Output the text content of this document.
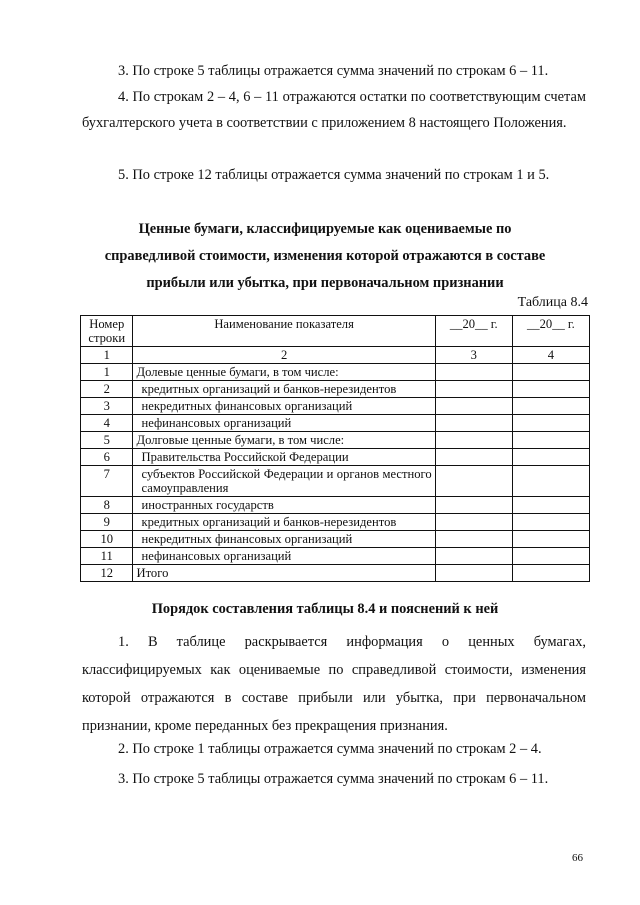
3. По строке 5 таблицы отражается сумма значений по строкам 6 – 11.

4. По строкам 2 – 4, 6 – 11 отражаются остатки по соответствующим счетам бухгалтерского учета в соответствии с приложением 8 настоящего Положения.

5. По строке 12 таблицы отражается сумма значений по строкам 1 и 5.

Ценные бумаги, классифицируемые как оцениваемые по

справедливой стоимости, изменения которой отражаются в составе

прибыли или убытка, при первоначальном признании

Таблица 8.4

Номер строки	Наименование показателя	__20__ г.	__20__ г.
1	2	3	4
1	Долевые ценные бумаги, в том числе:		
2	кредитных организаций и банков-нерезидентов		
3	некредитных финансовых организаций		
4	нефинансовых организаций		
5	Долговые ценные бумаги, в том числе:		
6	Правительства Российской Федерации		
7	субъектов Российской Федерации и органов местного самоуправления		
8	иностранных государств		
9	кредитных организаций и банков-нерезидентов		
10	некредитных финансовых организаций		
11	нефинансовых организаций		
12	Итого		

Порядок составления таблицы 8.4 и пояснений к ней

1. В таблице раскрывается информация о ценных бумагах, классифицируемых как оцениваемые по справедливой стоимости, изменения которой отражаются в составе прибыли или убытка, при первоначальном признании, кроме переданных без прекращения признания.

2. По строке 1 таблицы отражается сумма значений по строкам 2 – 4.

3. По строке 5 таблицы отражается сумма значений по строкам 6 – 11.

66
